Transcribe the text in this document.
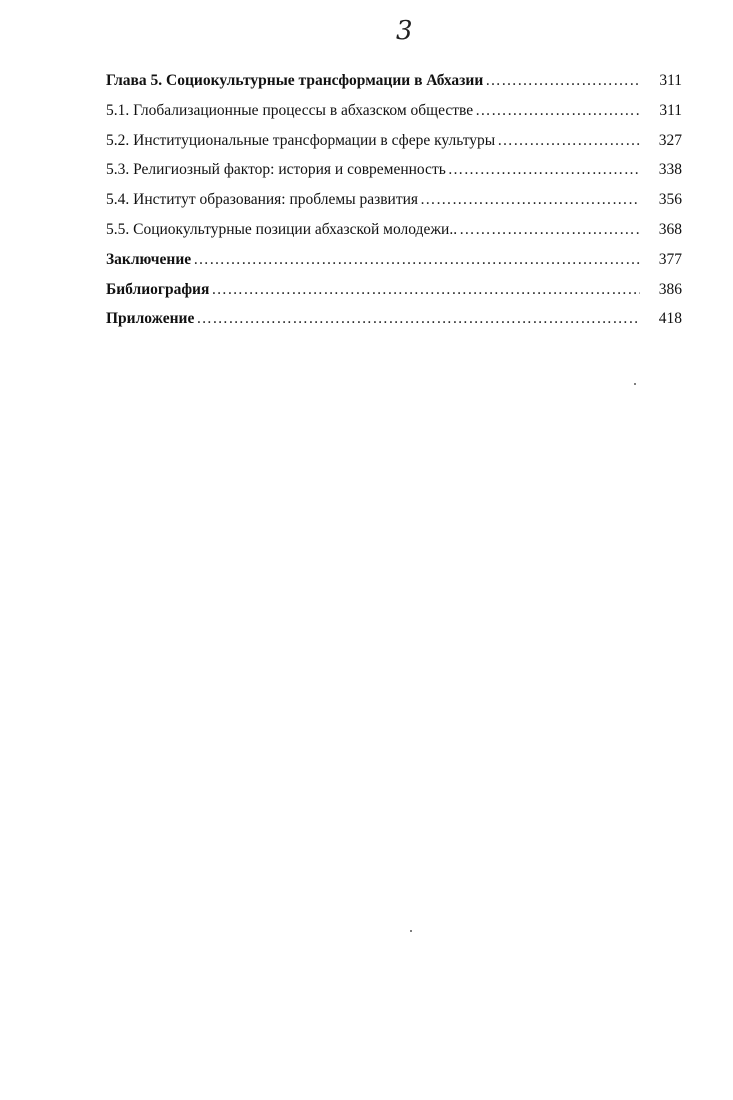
3
Глава 5. Социокультурные трансформации в Абхазии ……………………………………………………………………………………………………………………………………………………………………	311
5.1. Глобализационные процессы в абхазском обществе ……………………………………………………………………………………………………………………………………………………………………	311
5.2. Институциональные трансформации в сфере культуры ……………………………………………………………………………………………………………………………………………………………………	327
5.3. Религиозный фактор: история и современность ……………………………………………………………………………………………………………………………………………………………………	338
5.4. Институт образования: проблемы развития ……………………………………………………………………………………………………………………………………………………………………	356
5.5. Социокультурные позиции абхазской молодежи.. ……………………………………………………………………………………………………………………………………………………………………	368
Заключение ……………………………………………………………………………………………………………………………………………………………………	377
Библиография ……………………………………………………………………………………………………………………………………………………………………	386
Приложение ……………………………………………………………………………………………………………………………………………………………………	418
